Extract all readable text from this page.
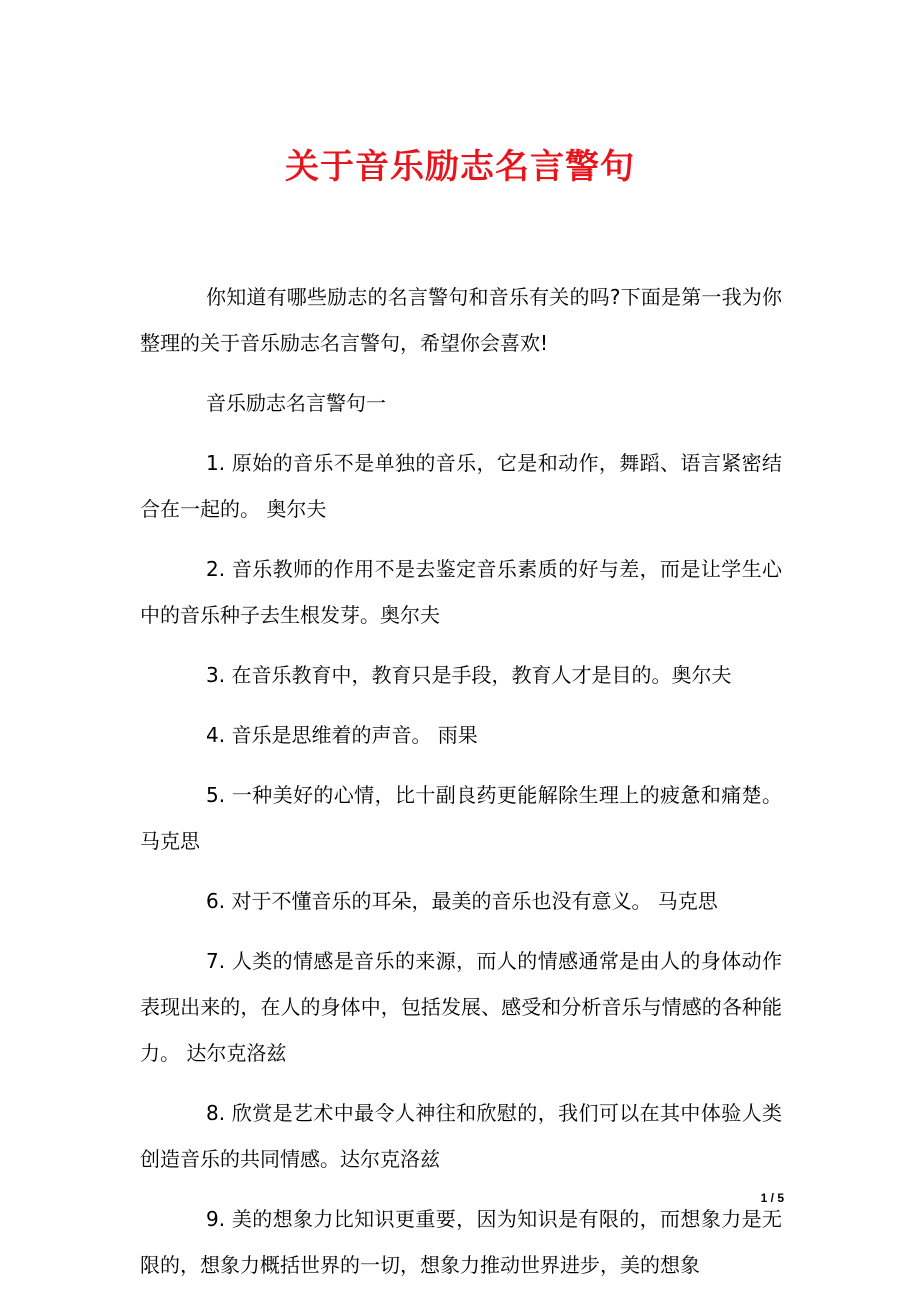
关于音乐励志名言警句

你知道有哪些励志的名言警句和音乐有关的吗?下面是第一我为你整理的关于音乐励志名言警句，希望你会喜欢!

音乐励志名言警句一

1. 原始的音乐不是单独的音乐，它是和动作，舞蹈、语言紧密结合在一起的。 奥尔夫

2. 音乐教师的作用不是去鉴定音乐素质的好与差，而是让学生心中的音乐种子去生根发芽。奥尔夫

3. 在音乐教育中，教育只是手段，教育人才是目的。奥尔夫

4. 音乐是思维着的声音。 雨果

5. 一种美好的心情，比十副良药更能解除生理上的疲惫和痛楚。 马克思

6. 对于不懂音乐的耳朵，最美的音乐也没有意义。 马克思

7. 人类的情感是音乐的来源，而人的情感通常是由人的身体动作表现出来的，在人的身体中，包括发展、感受和分析音乐与情感的各种能力。 达尔克洛兹

8. 欣赏是艺术中最令人神往和欣慰的，我们可以在其中体验人类创造音乐的共同情感。达尔克洛兹

9. 美的想象力比知识更重要，因为知识是有限的，而想象力是无限的，想象力概括世界的一切，想象力推动世界进步，美的想象

1 / 5
